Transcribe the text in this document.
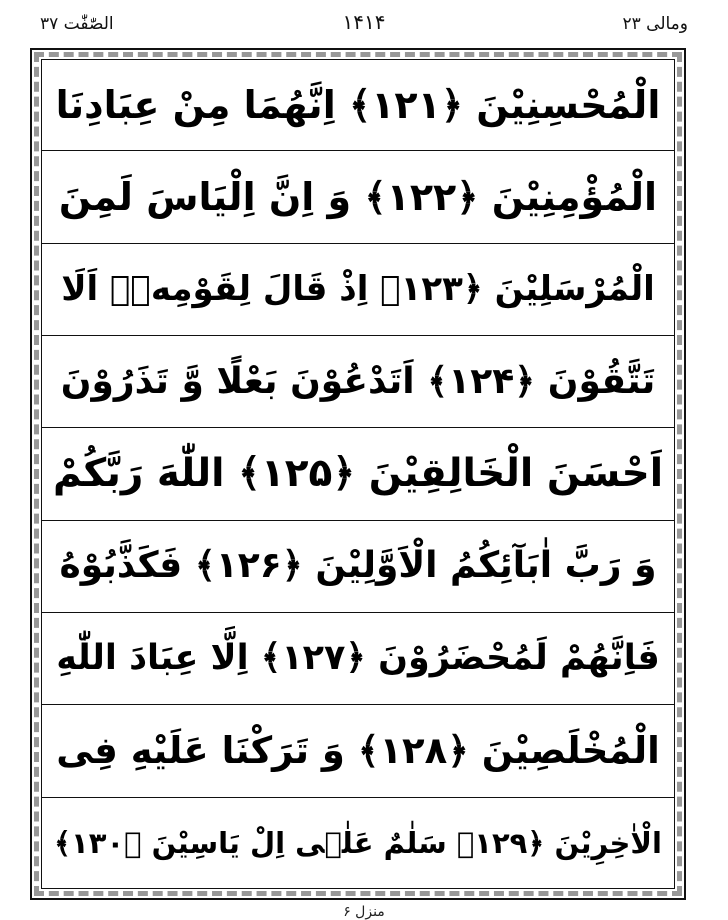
ومالی ۲۳
۱۴۱۴
الصّٰفّٰت ۳۷
الْمُحْسِنِیْنَ ﴿۱۲۱﴾ اِنَّهُمَا مِنْ عِبَادِنَا
الْمُؤْمِنِیْنَ ﴿۱۲۲﴾ وَ اِنَّ اِلْیَاسَ لَمِنَ
الْمُرْسَلِیْنَ ﴿۱۲۳﴾ اِذْ قَالَ لِقَوْمِهٖۤ اَلَا
تَتَّقُوْنَ ﴿۱۲۴﴾ اَتَدْعُوْنَ بَعْلًا وَّ تَذَرُوْنَ
اَحْسَنَ الْخَالِقِیْنَ ﴿۱۲۵﴾ اللّٰهَ رَبَّكُمْ
وَ رَبَّ اٰبَآئِكُمُ الْاَوَّلِیْنَ ﴿۱۲۶﴾ فَكَذَّبُوْهُ
فَاِنَّهُمْ لَمُحْضَرُوْنَ ﴿۱۲۷﴾ اِلَّا عِبَادَ اللّٰهِ
الْمُخْلَصِیْنَ ﴿۱۲۸﴾ وَ تَرَكْنَا عَلَیْهِ فِی
الْاٰخِرِیْنَ ﴿۱۲۹﴾ سَلٰمٌ عَلٰۤی اِلْ یَاسِیْنَ ﴿۱۳۰﴾
منزل ۶
